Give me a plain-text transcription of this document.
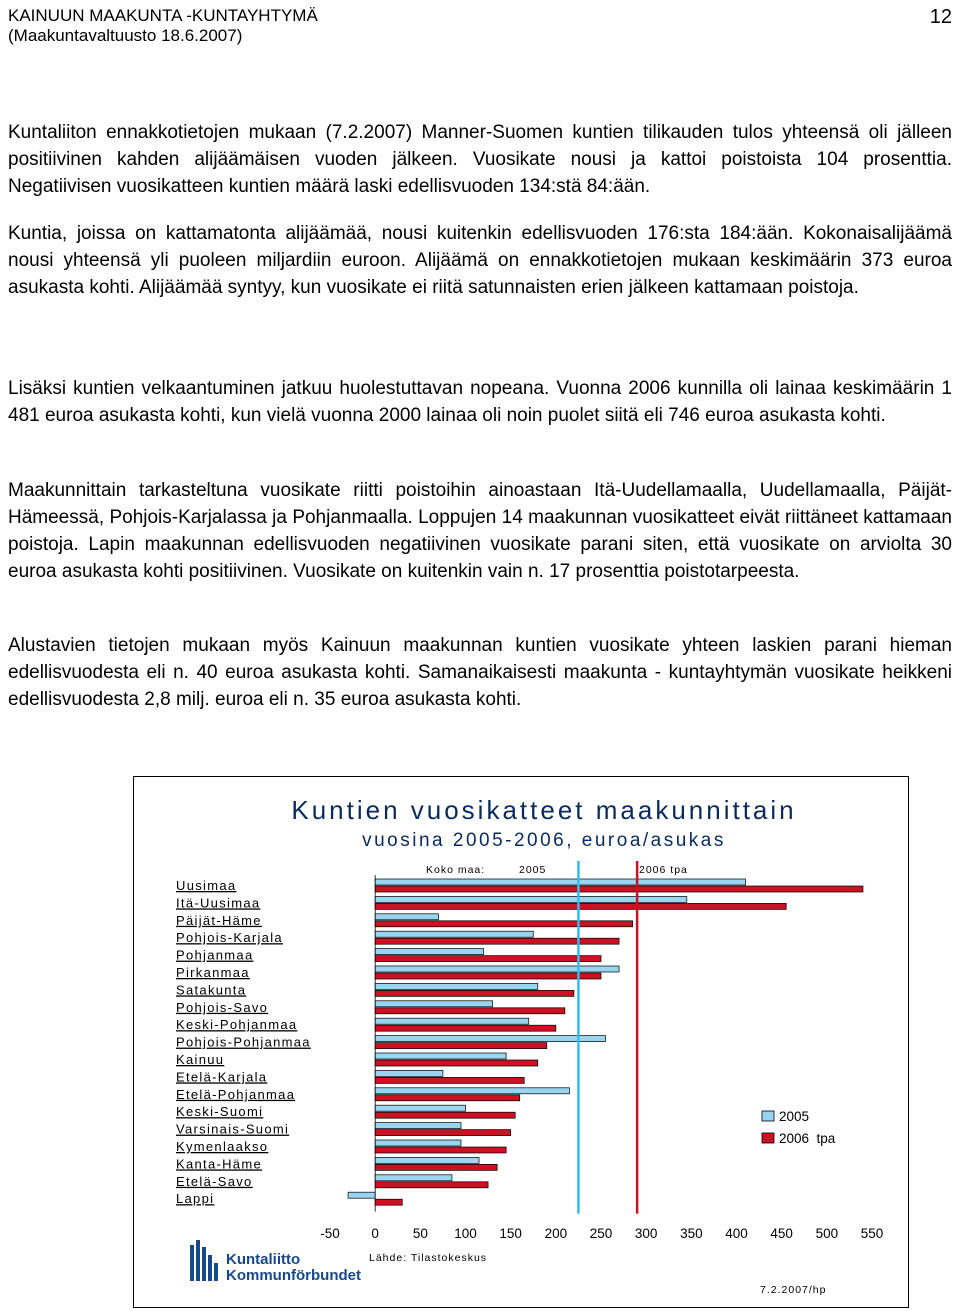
KAINUUN MAAKUNTA -KUNTAYHTYMÄ
(Maakuntavaltuusto 18.6.2007)
12

Kuntaliiton ennakkotietojen mukaan (7.2.2007) Manner-Suomen kuntien tilikauden tulos yhteensä oli jälleen positiivinen kahden alijäämäisen vuoden jälkeen. Vuosikate nousi ja kattoi poistoista 104 prosenttia. Negatiivisen vuosikatteen kuntien määrä laski edellisvuoden 134:stä 84:ään.

Kuntia, joissa on kattamatonta alijäämää, nousi kuitenkin edellisvuoden 176:sta 184:ään. Kokonaisalijäämä nousi yhteensä yli puoleen miljardiin euroon. Alijäämä on ennakkotietojen mukaan keskimäärin 373 euroa asukasta kohti. Alijäämää syntyy, kun vuosikate ei riitä satunnaisten erien jälkeen kattamaan poistoja.

Lisäksi kuntien velkaantuminen jatkuu huolestuttavan nopeana. Vuonna 2006 kunnilla oli lainaa keskimäärin 1 481 euroa asukasta kohti, kun vielä vuonna 2000 lainaa oli noin puolet siitä eli 746 euroa asukasta kohti.

Maakunnittain tarkasteltuna vuosikate riitti poistoihin ainoastaan Itä-Uudellamaalla, Uudellamaalla, Päijät-Hämeessä, Pohjois-Karjalassa ja Pohjanmaalla. Loppujen 14 maakunnan vuosikatteet eivät riittäneet kattamaan poistoja. Lapin maakunnan edellisvuoden negatiivinen vuosikate parani siten, että vuosikate on arviolta 30 euroa asukasta kohti positiivinen. Vuosikate on kuitenkin vain n. 17 prosenttia poistotarpeesta.

Alustavien tietojen mukaan myös Kainuun maakunnan kuntien vuosikate yhteen laskien parani hieman edellisvuodesta eli n. 40 euroa asukasta kohti. Samanaikaisesti maakunta - kuntayhtymän vuosikate heikkeni edellisvuodesta 2,8 milj. euroa eli n. 35 euroa asukasta kohti.

Kuntien vuosikatteet maakunnittain
vuosina 2005-2006, euroa/asukas
Koko maa:	2005	2006 tpa
Uusimaa
Itä-Uusimaa
Päijät-Häme
Pohjois-Karjala
Pohjanmaa
Pirkanmaa
Satakunta
Pohjois-Savo
Keski-Pohjanmaa
Pohjois-Pohjanmaa
Kainuu
Etelä-Karjala
Etelä-Pohjanmaa
Keski-Suomi
Varsinais-Suomi
Kymenlaakso
Kanta-Häme
Etelä-Savo
Lappi
-50 0	50 100 150 200 250 300 350 400 450 500 550
2005
2006  tpa
Lähde: Tilastokeskus
7.2.2007/hp
Kuntaliitto
Kommunförbundet
